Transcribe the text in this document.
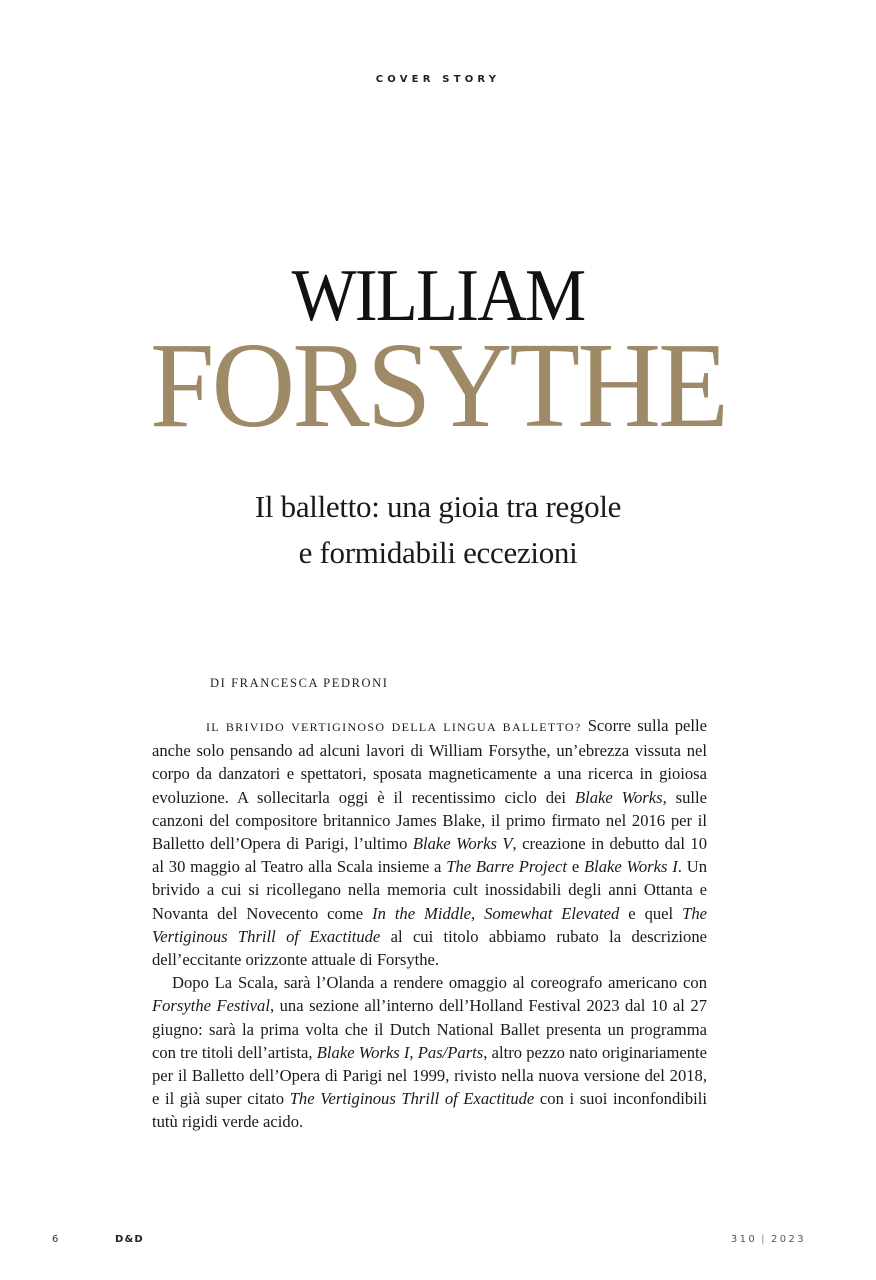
COVER STORY
WILLIAM
FORSYTHE
Il balletto: una gioia tra regole
e formidabili eccezioni
DI FRANCESCA PEDRONI

IL BRIVIDO VERTIGINOSO DELLA LINGUA BALLETTO? Scorre sulla pelle anche solo pensando ad alcuni lavori di William Forsythe, un’ebrezza vissuta nel corpo da danzatori e spettatori, sposata magneticamente a una ricerca in gioiosa evoluzione. A sollecitarla oggi è il recentissimo ciclo dei Blake Works, sulle canzoni del compositore britannico James Blake, il primo firmato nel 2016 per il Balletto dell’Opera di Parigi, l’ultimo Blake Works V, creazione in debutto dal 10 al 30 maggio al Teatro alla Scala insieme a The Barre Project e Blake Works I. Un brivido a cui si ricollegano nella memoria cult inossidabili degli anni Ottanta e Novanta del Novecento come In the Middle, Somewhat Elevated e quel The Vertiginous Thrill of Exactitude al cui titolo abbiamo rubato la descrizione dell’eccitante orizzonte attuale di Forsythe.

Dopo La Scala, sarà l’Olanda a rendere omaggio al coreografo americano con Forsythe Festival, una sezione all’interno dell’Holland Festival 2023 dal 10 al 27 giugno: sarà la prima volta che il Dutch National Ballet presenta un programma con tre titoli dell’artista, Blake Works I, Pas/Parts, altro pezzo nato originariamente per il Balletto dell’Opera di Parigi nel 1999, rivisto nella nuova versione del 2018, e il già super citato The Vertiginous Thrill of Exactitude con i suoi inconfondibili tutù rigidi verde acido.

6	D&D	310 | 2023
